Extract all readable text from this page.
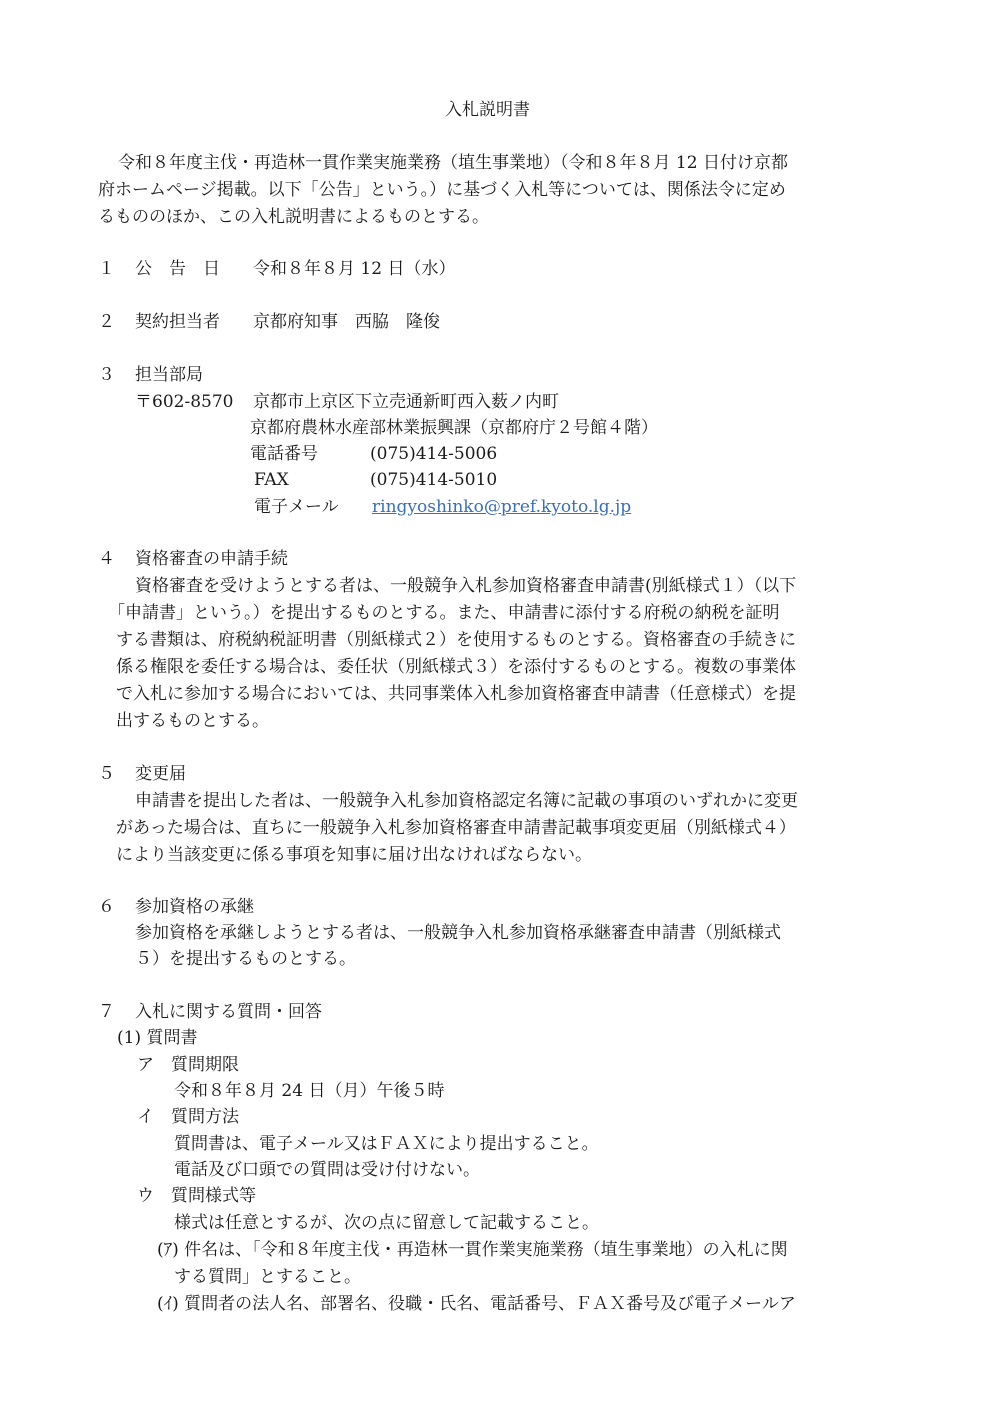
入札説明書
令和８年度主伐・再造林一貫作業実施業務（埴生事業地）（令和８年８月 12 日付け京都
府ホームページ掲載。以下「公告」という。）に基づく入札等については、関係法令に定め
るもののほか、この入札説明書によるものとする。
１ 公　告　日 令和８年８月 12 日（水）
２ 契約担当者 京都府知事　西脇　隆俊
３ 担当部局
〒602-8570 京都市上京区下立売通新町西入薮ノ内町
京都府農林水産部林業振興課（京都府庁２号館４階）
電話番号	(075)414-5006
FAX	(075)414-5010
電子メール ringyoshinko@pref.kyoto.lg.jp
４ 資格審査の申請手続
資格審査を受けようとする者は、一般競争入札参加資格審査申請書(別紙様式１）（以下
「申請書」という。）を提出するものとする。また、申請書に添付する府税の納税を証明
する書類は、府税納税証明書（別紙様式２）を使用するものとする。資格審査の手続きに
係る権限を委任する場合は、委任状（別紙様式３）を添付するものとする。複数の事業体
で入札に参加する場合においては、共同事業体入札参加資格審査申請書（任意様式）を提
出するものとする。
５ 変更届
申請書を提出した者は、一般競争入札参加資格認定名簿に記載の事項のいずれかに変更
があった場合は、直ちに一般競争入札参加資格審査申請書記載事項変更届（別紙様式４）
により当該変更に係る事項を知事に届け出なければならない。
６ 参加資格の承継
参加資格を承継しようとする者は、一般競争入札参加資格承継審査申請書（別紙様式
５）を提出するものとする。
７ 入札に関する質問・回答
(1) 質問書
ア　質問期限
令和８年８月 24 日（月）午後５時
イ　質問方法
質問書は、電子メール又はＦＡＸにより提出すること。
電話及び口頭での質問は受け付けない。
ウ　質問様式等
様式は任意とするが、次の点に留意して記載すること。
(ｱ) 件名は、「令和８年度主伐・再造林一貫作業実施業務（埴生事業地）の入札に関
する質問」とすること。
(ｲ) 質問者の法人名、部署名、役職・氏名、電話番号、ＦＡＸ番号及び電子メールア
